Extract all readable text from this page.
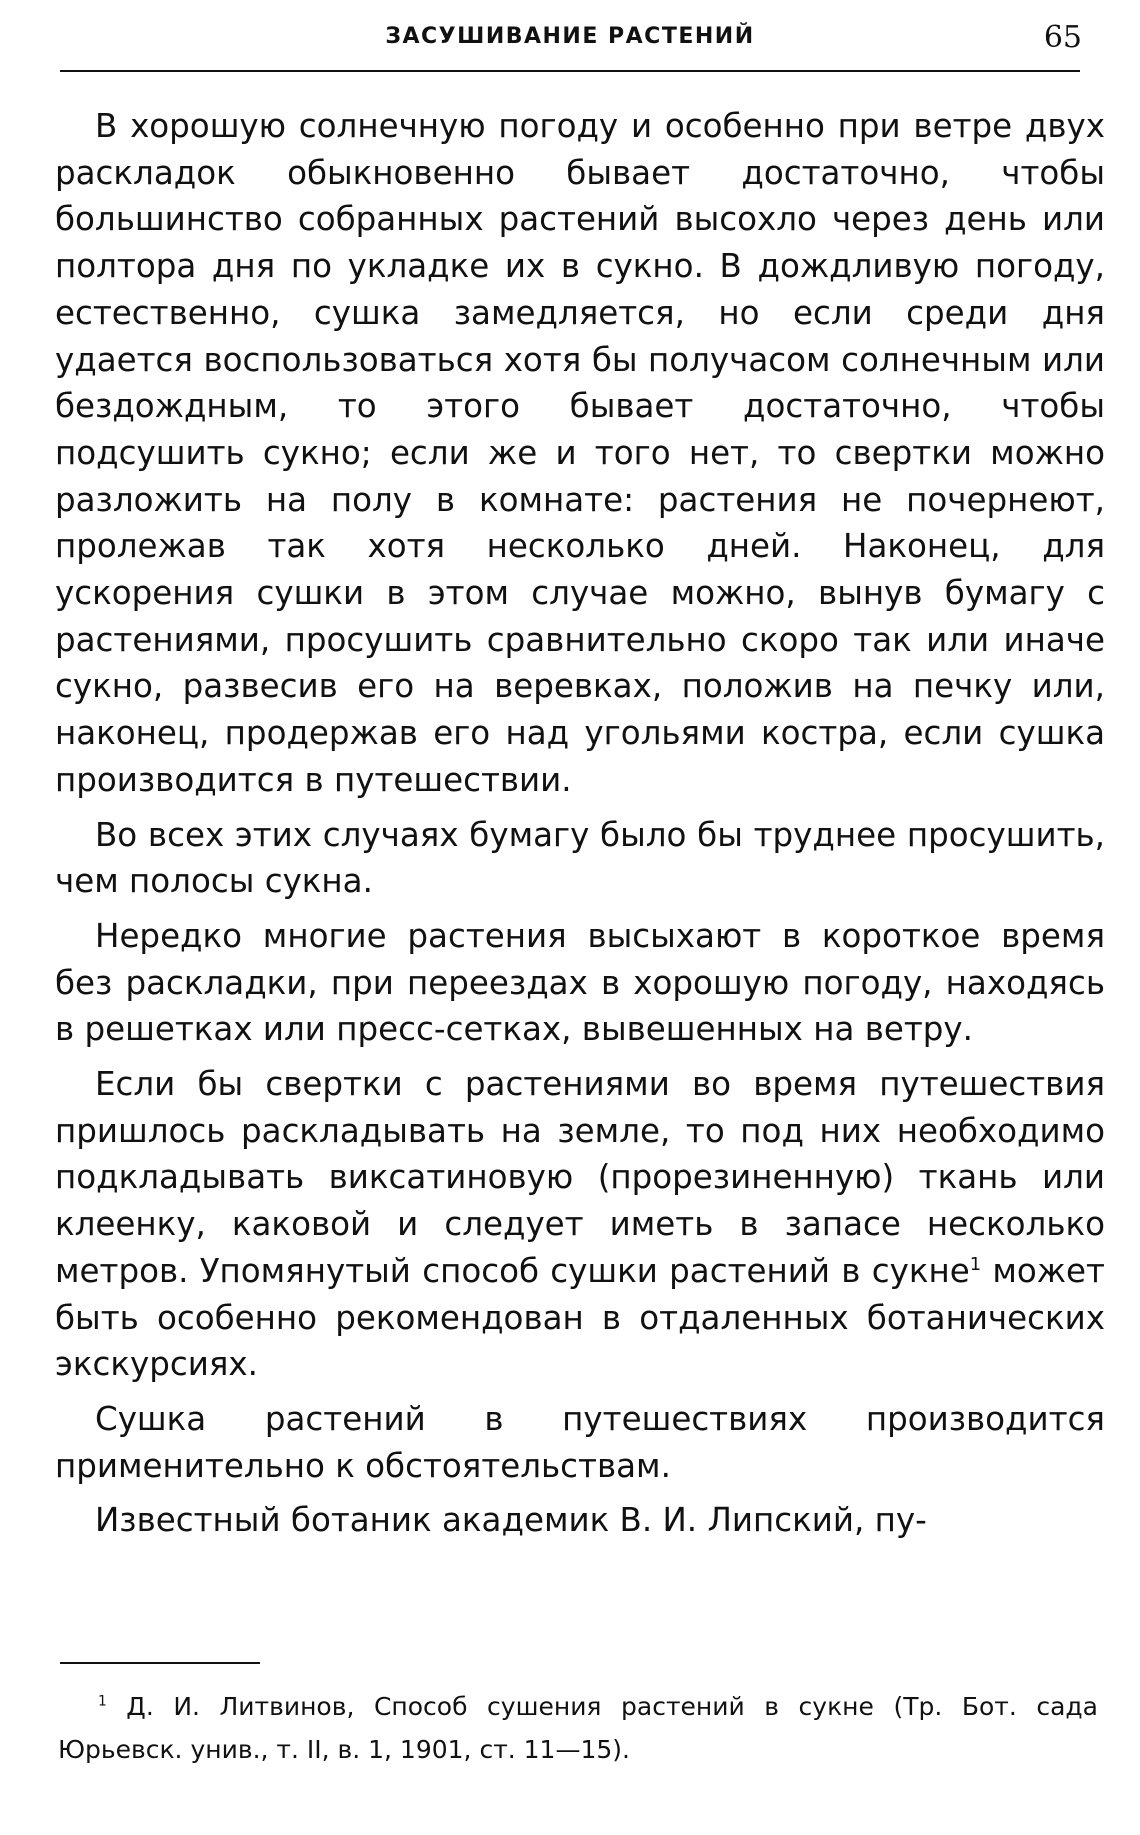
ЗАСУШИВАНИЕ РАСТЕНИЙ	65

В хорошую солнечную погоду и особенно при ветре двух раскладок обыкновенно бывает достаточно, чтобы большинство собранных растений высохло через день или полтора дня по укладке их в сукно. В дождливую погоду, естественно, сушка замедляется, но если среди дня удается воспользоваться хотя бы получасом солнечным или бездождным, то этого бывает достаточно, чтобы подсушить сукно; если же и того нет, то свертки можно разложить на полу в комнате: растения не почернеют, пролежав так хотя несколько дней. Наконец, для ускорения сушки в этом случае можно, вынув бумагу с растениями, просушить сравнительно скоро так или иначе сукно, развесив его на веревках, положив на печку или, наконец, продержав его над угольями костра, если сушка производится в путешествии.

Во всех этих случаях бумагу было бы труднее просушить, чем полосы сукна.

Нередко многие растения высыхают в короткое время без раскладки, при переездах в хорошую погоду, находясь в решетках или пресс-сетках, вывешенных на ветру.

Если бы свертки с растениями во время путешествия пришлось раскладывать на земле, то под них необходимо подкладывать викcатиновую (прорезиненную) ткань или клеенку, каковой и следует иметь в запасе несколько метров. Упомянутый способ сушки растений в сукне$^1$ может быть особенно рекомендован в отдаленных ботанических экскурсиях.

Сушка растений в путешествиях производится применительно к обстоятельствам.

Известный ботаник академик В. И. Липский, пу-

$^1$ Д. И. Литвинов, Способ сушения растений в сукне (Тр. Бот. сада Юрьевск. унив., т. II, в. 1, 1901, ст. 11—15).
